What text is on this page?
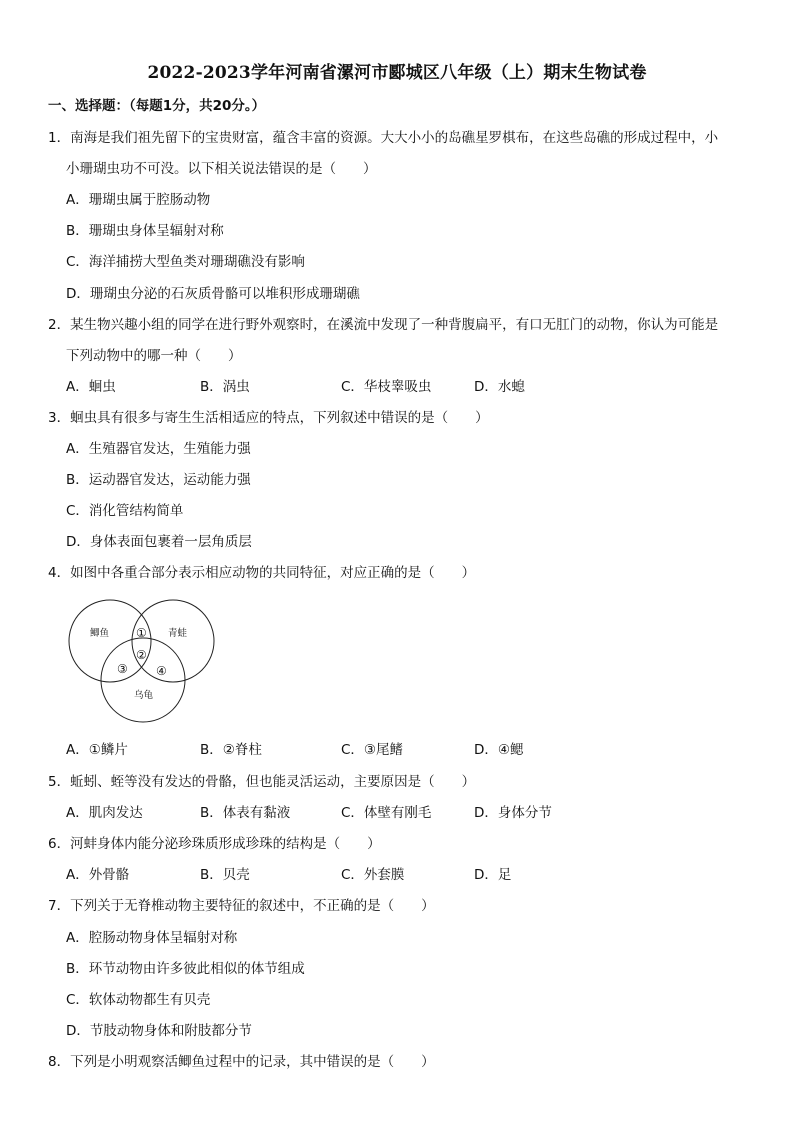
2022-2023学年河南省漯河市郾城区八年级（上）期末生物试卷
一、选择题：（每题1分，共20分。）
1．南海是我们祖先留下的宝贵财富，蕴含丰富的资源。大大小小的岛礁星罗棋布，在这些岛礁的形成过程中，小
小珊瑚虫功不可没。以下相关说法错误的是（　　）
A．珊瑚虫属于腔肠动物
B．珊瑚虫身体呈辐射对称
C．海洋捕捞大型鱼类对珊瑚礁没有影响
D．珊瑚虫分泌的石灰质骨骼可以堆积形成珊瑚礁
2．某生物兴趣小组的同学在进行野外观察时，在溪流中发现了一种背腹扁平，有口无肛门的动物，你认为可能是
下列动物中的哪一种（　　）
A．蛔虫	B．涡虫	C．华枝睾吸虫	D．水螅
3．蛔虫具有很多与寄生生活相适应的特点，下列叙述中错误的是（　　）
A．生殖器官发达，生殖能力强
B．运动器官发达，运动能力强
C．消化管结构简单
D．身体表面包裹着一层角质层
4．如图中各重合部分表示相应动物的共同特征，对应正确的是（　　）
鲫鱼	青蛙
乌龟
①
②
③ ④
A．①鳞片	B．②脊柱	C．③尾鳍	D．④鳃
5．蚯蚓、蛭等没有发达的骨骼，但也能灵活运动，主要原因是（　　）
A．肌肉发达	B．体表有黏液	C．体壁有刚毛	D．身体分节
6．河蚌身体内能分泌珍珠质形成珍珠的结构是（　　）
A．外骨骼	B．贝壳	C．外套膜	D．足
7．下列关于无脊椎动物主要特征的叙述中，不正确的是（　　）
A．腔肠动物身体呈辐射对称
B．环节动物由许多彼此相似的体节组成
C．软体动物都生有贝壳
D．节肢动物身体和附肢都分节
8．下列是小明观察活鲫鱼过程中的记录，其中错误的是（　　）
